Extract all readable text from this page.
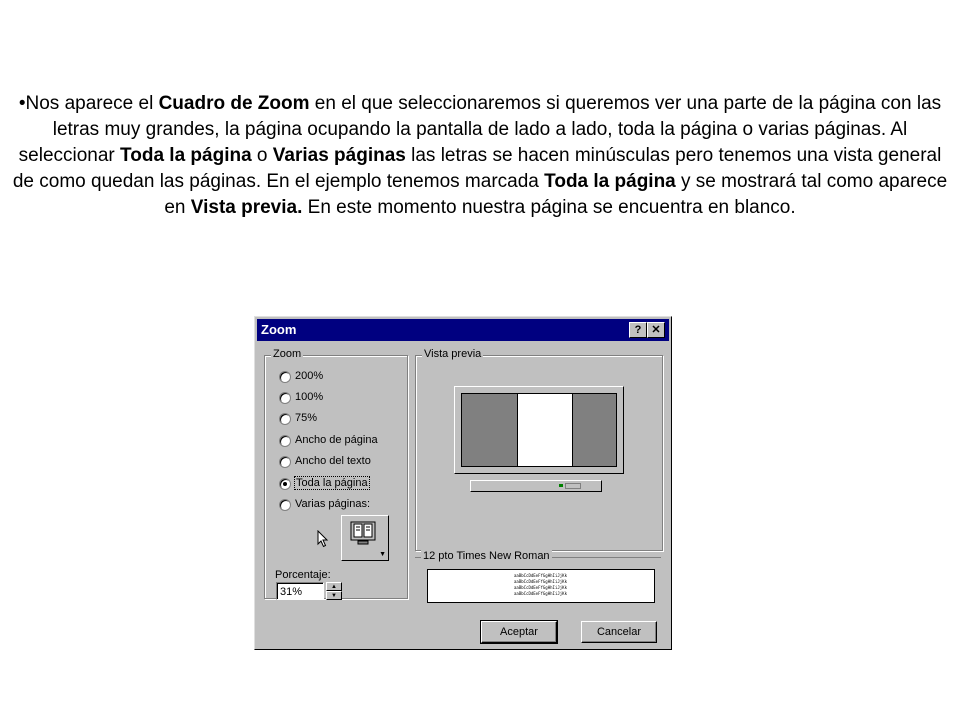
•Nos aparece el Cuadro de Zoom en el que seleccionaremos si queremos ver una parte de la página con las letras muy grandes, la página ocupando la pantalla de lado a lado, toda la página o varias páginas. Al seleccionar Toda la página o Varias páginas las letras se hacen minúsculas pero tenemos una vista general de como quedan las páginas. En el ejemplo tenemos marcada Toda la página y se mostrará tal como aparece en Vista previa. En este momento nuestra página se encuentra en blanco.
Zoom	? ✕
Zoom
200%
100%
75%
Ancho de página
Ancho del texto
Toda la página
Varias páginas:
▼
Porcentaje:
31%	▲
▼
Vista previa
12 pto Times New Roman
aaBbCcDdEeFfGgHhIiJjKk
aaBbCcDdEeFfGgHhIiJjKk
aaBbCcDdEeFfGgHhIiJjKk
aaBbCcDdEeFfGgHhIiJjKk
Aceptar	Cancelar
